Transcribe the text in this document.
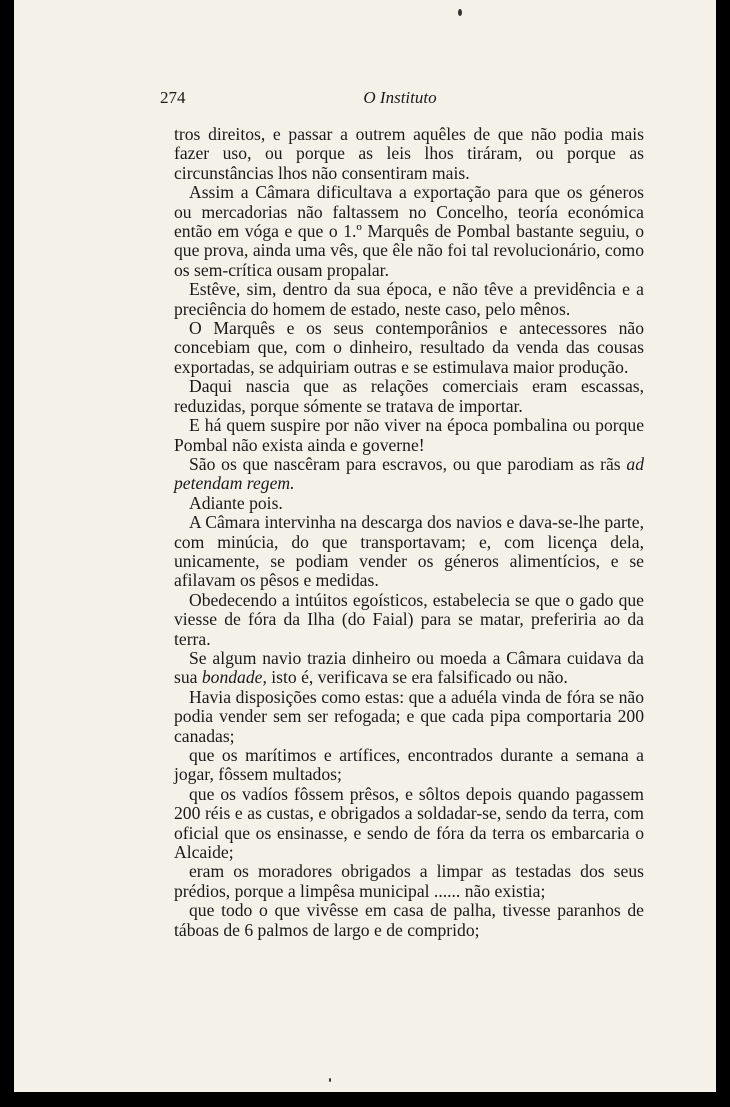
274	O Instituto

tros direitos, e passar a outrem aquêles de que não podia mais fazer uso, ou porque as leis lhos tiráram, ou porque as circunstâncias lhos não consentiram mais.

Assim a Câmara dificultava a exportação para que os géneros ou mercadorias não faltassem no Concelho, teoría económica então em vóga e que o 1.º Marquês de Pombal bastante seguiu, o que prova, ainda uma vês, que êle não foi tal revolucionário, como os sem-crítica ousam propalar.

Estêve, sim, dentro da sua época, e não têve a previdência e a preciência do homem de estado, neste caso, pelo mênos.

O Marquês e os seus contemporânios e antecessores não concebiam que, com o dinheiro, resultado da venda das cousas exportadas, se adquiriam outras e se estimulava maior produção.

Daqui nascia que as relações comerciais eram escassas, reduzidas, porque sómente se tratava de importar.

E há quem suspire por não viver na época pombalina ou porque Pombal não exista ainda e governe!

São os que nascêram para escravos, ou que parodiam as rãs ad petendam regem.

Adiante pois.

A Câmara intervinha na descarga dos navios e dava-se-lhe parte, com minúcia, do que transportavam; e, com licença dela, unicamente, se podiam vender os géneros alimentícios, e se afilavam os pêsos e medidas.

Obedecendo a intúitos egoísticos, estabelecia se que o gado que viesse de fóra da Ilha (do Faial) para se matar, preferiria ao da terra.

Se algum navio trazia dinheiro ou moeda a Câmara cuidava da sua bondade, isto é, verificava se era falsificado ou não.

Havia disposições como estas: que a aduéla vinda de fóra se não podia vender sem ser refogada; e que cada pipa comportaria 200 canadas;

que os marítimos e artífices, encontrados durante a semana a jogar, fôssem multados;

que os vadíos fôssem prêsos, e sôltos depois quando pagassem 200 réis e as custas, e obrigados a soldadar-se, sendo da terra, com oficial que os ensinasse, e sendo de fóra da terra os embarcaria o Alcaide;

eram os moradores obrigados a limpar as testadas dos seus prédios, porque a limpêsa municipal ...... não existia;

que todo o que vivêsse em casa de palha, tivesse paranhos de táboas de 6 palmos de largo e de comprido;
